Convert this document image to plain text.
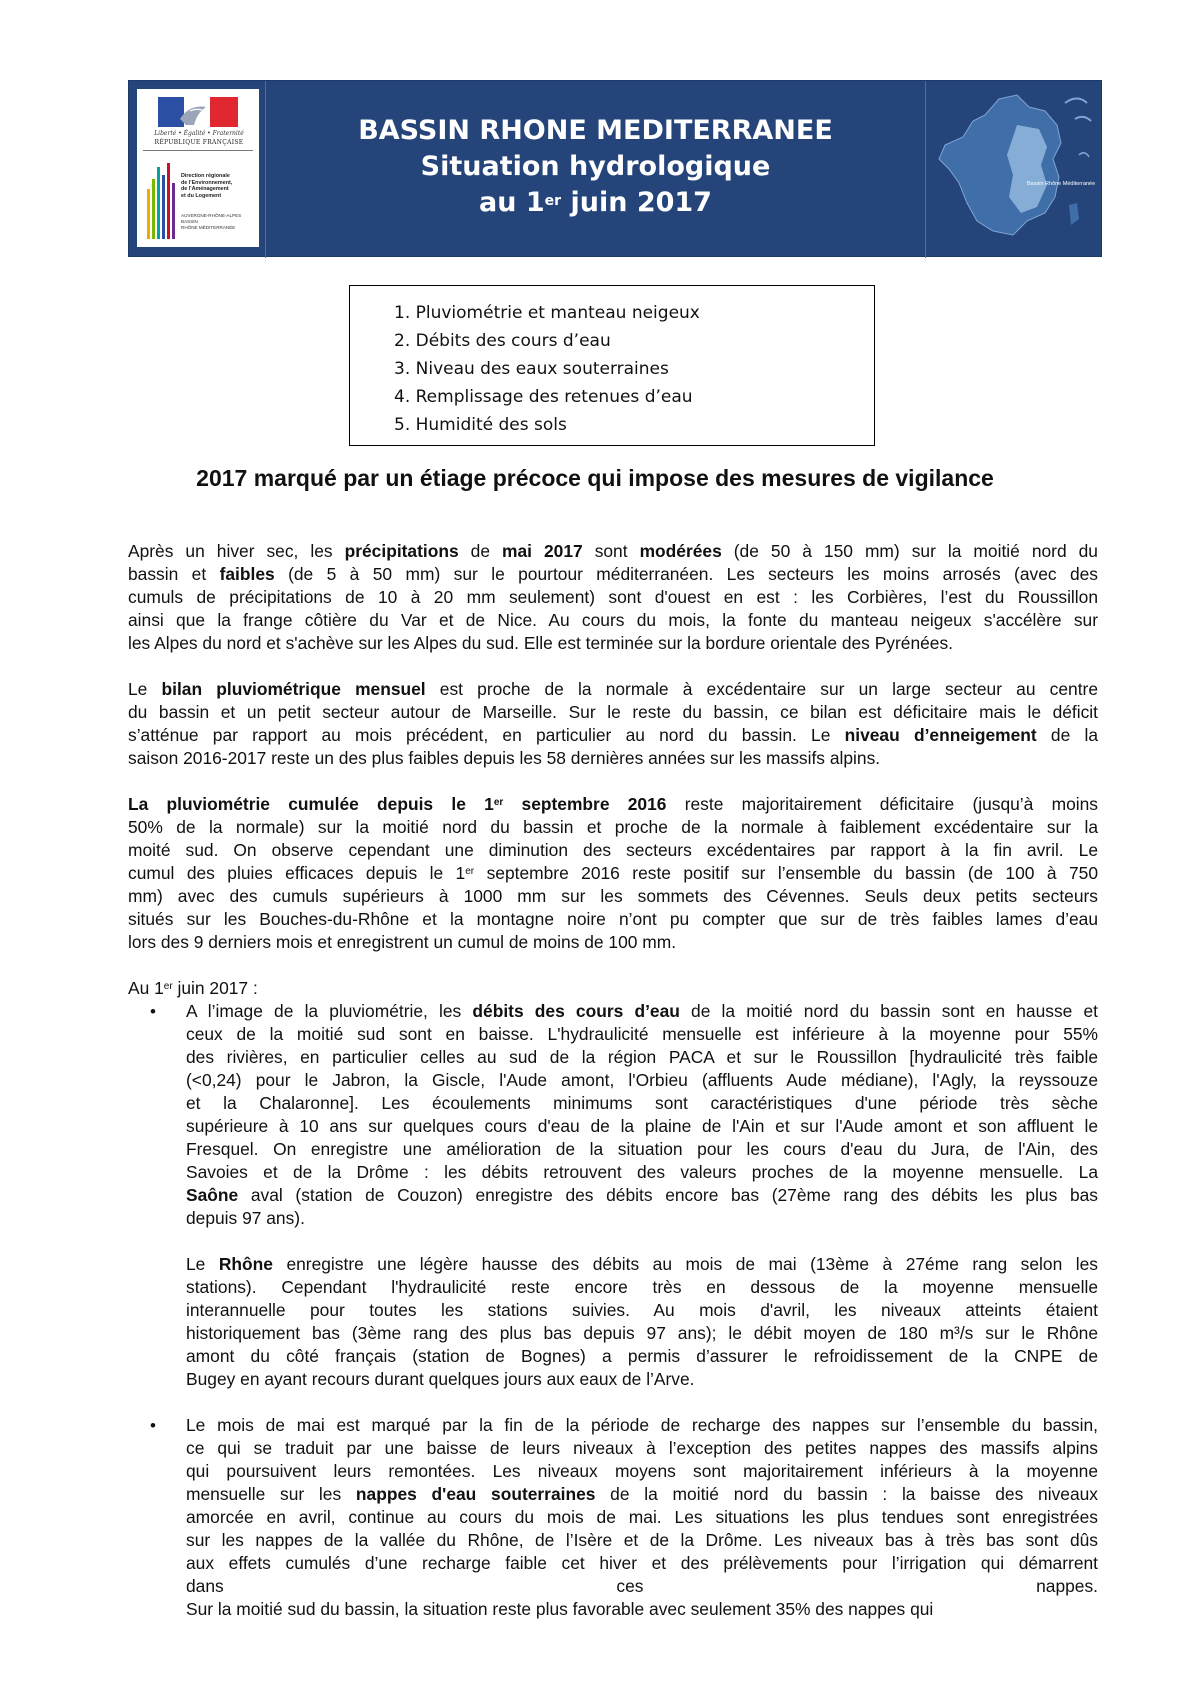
Liberté • Égalité • Fraternité
RÉPUBLIQUE FRANÇAISE
Direction régionale
de l'Environnement,
de l'Aménagement
et du Logement
AUVERGNE-RHÔNE-ALPES
BASSIN
RHÔNE MÉDITERRANÉE
BASSIN RHONE MEDITERRANEE
Situation hydrologique
au 1er juin 2017
Bassin Rhône Méditerranée
1. Pluviométrie et manteau neigeux
2. Débits des cours d’eau
3. Niveau des eaux souterraines
4. Remplissage des retenues d’eau
5. Humidité des sols
2017 marqué par un étiage précoce qui impose des mesures de vigilance
Après un hiver sec, les précipitations de mai 2017 sont modérées (de 50 à 150 mm) sur la moitié nord du
bassin et faibles (de 5 à 50 mm) sur le pourtour méditerranéen. Les secteurs les moins arrosés (avec des
cumuls de précipitations de 10 à 20 mm seulement) sont d'ouest en est : les Corbières, l’est du Roussillon
ainsi que la frange côtière du Var et de Nice. Au cours du mois, la fonte du manteau neigeux s'accélère sur
les Alpes du nord et s'achève sur les Alpes du sud. Elle est terminée sur la bordure orientale des Pyrénées.
Le bilan pluviométrique mensuel est proche de la normale à excédentaire sur un large secteur au centre
du bassin et un petit secteur autour de Marseille. Sur le reste du bassin, ce bilan est déficitaire mais le déficit
s’atténue par rapport au mois précédent, en particulier au nord du bassin. Le niveau d’enneigement de la
saison 2016-2017 reste un des plus faibles depuis les 58 dernières années sur les massifs alpins.
La pluviométrie cumulée depuis le 1er septembre 2016 reste majoritairement déficitaire (jusqu’à moins
50% de la normale) sur la moitié nord du bassin et proche de la normale à faiblement excédentaire sur la
moité sud. On observe cependant une diminution des secteurs excédentaires par rapport à la fin avril. Le
cumul des pluies efficaces depuis le 1er septembre 2016 reste positif sur l’ensemble du bassin (de 100 à 750
mm) avec des cumuls supérieurs à 1000 mm sur les sommets des Cévennes. Seuls deux petits secteurs
situés sur les Bouches-du-Rhône et la montagne noire n’ont pu compter que sur de très faibles lames d’eau
lors des 9 derniers mois et enregistrent un cumul de moins de 100 mm.
Au 1er juin 2017 :
• A l’image de la pluviométrie, les débits des cours d’eau de la moitié nord du bassin sont en hausse et
ceux de la moitié sud sont en baisse. L'hydraulicité mensuelle est inférieure à la moyenne pour 55%
des rivières, en particulier celles au sud de la région PACA et sur le Roussillon [hydraulicité très faible
(<0,24) pour le Jabron, la Giscle, l'Aude amont, l'Orbieu (affluents Aude médiane), l'Agly, la reyssouze
et la Chalaronne]. Les écoulements minimums sont caractéristiques d'une période très sèche
supérieure à 10 ans sur quelques cours d'eau de la plaine de l'Ain et sur l'Aude amont et son affluent le
Fresquel. On enregistre une amélioration de la situation pour les cours d'eau du Jura, de l'Ain, des
Savoies et de la Drôme : les débits retrouvent des valeurs proches de la moyenne mensuelle. La
Saône aval (station de Couzon) enregistre des débits encore bas (27ème rang des débits les plus bas
depuis 97 ans).
Le Rhône enregistre une légère hausse des débits au mois de mai (13ème à 27éme rang selon les
stations). Cependant l'hydraulicité reste encore très en dessous de la moyenne mensuelle
interannuelle pour toutes les stations suivies. Au mois d'avril, les niveaux atteints étaient
historiquement bas (3ème rang des plus bas depuis 97 ans); le débit moyen de 180 m³/s sur le Rhône
amont du côté français (station de Bognes) a permis d’assurer le refroidissement de la CNPE de
Bugey en ayant recours durant quelques jours aux eaux de l’Arve.
• Le mois de mai est marqué par la fin de la période de recharge des nappes sur l’ensemble du bassin,
ce qui se traduit par une baisse de leurs niveaux à l’exception des petites nappes des massifs alpins
qui poursuivent leurs remontées. Les niveaux moyens sont majoritairement inférieurs à la moyenne
mensuelle sur les nappes d'eau souterraines de la moitié nord du bassin : la baisse des niveaux
amorcée en avril, continue au cours du mois de mai. Les situations les plus tendues sont enregistrées
sur les nappes de la vallée du Rhône, de l’Isère et de la Drôme. Les niveaux bas à très bas sont dûs
aux effets cumulés d’une recharge faible cet hiver et des prélèvements pour l’irrigation qui démarrent
dans ces nappes.
Sur la moitié sud du bassin, la situation reste plus favorable avec seulement 35% des nappes qui
